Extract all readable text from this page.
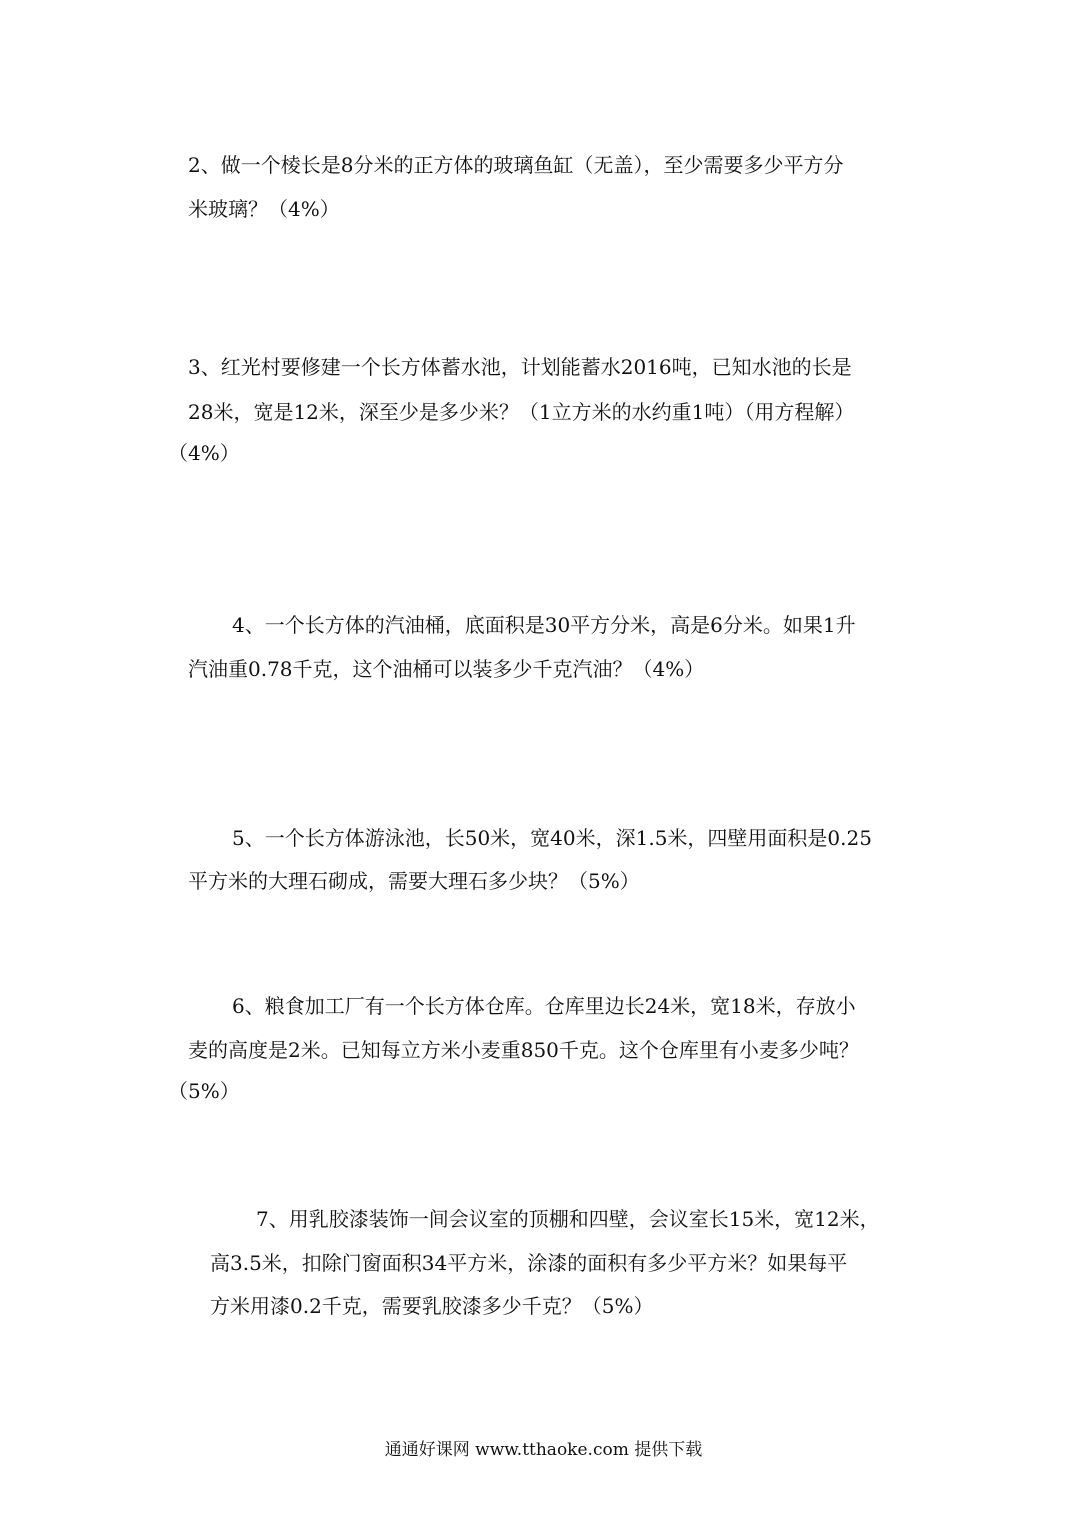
2、做一个棱长是8分米的正方体的玻璃鱼缸（无盖），至少需要多少平方分
米玻璃？（4%）
3、红光村要修建一个长方体蓄水池，计划能蓄水2016吨，已知水池的长是
28米，宽是12米，深至少是多少米？（1立方米的水约重1吨）（用方程解）
（4%）
4、一个长方体的汽油桶，底面积是30平方分米，高是6分米。如果1升
汽油重0.78千克，这个油桶可以装多少千克汽油？（4%）
5、一个长方体游泳池，长50米，宽40米，深1.5米，四壁用面积是0.25
平方米的大理石砌成，需要大理石多少块？（5%）
6、粮食加工厂有一个长方体仓库。仓库里边长24米，宽18米，存放小
麦的高度是2米。已知每立方米小麦重850千克。这个仓库里有小麦多少吨？
（5%）
7、用乳胶漆装饰一间会议室的顶棚和四壁，会议室长15米，宽12米，
高3.5米，扣除门窗面积34平方米，涂漆的面积有多少平方米？如果每平
方米用漆0.2千克，需要乳胶漆多少千克？（5%）
通通好课网 www.tthaoke.com 提供下载
